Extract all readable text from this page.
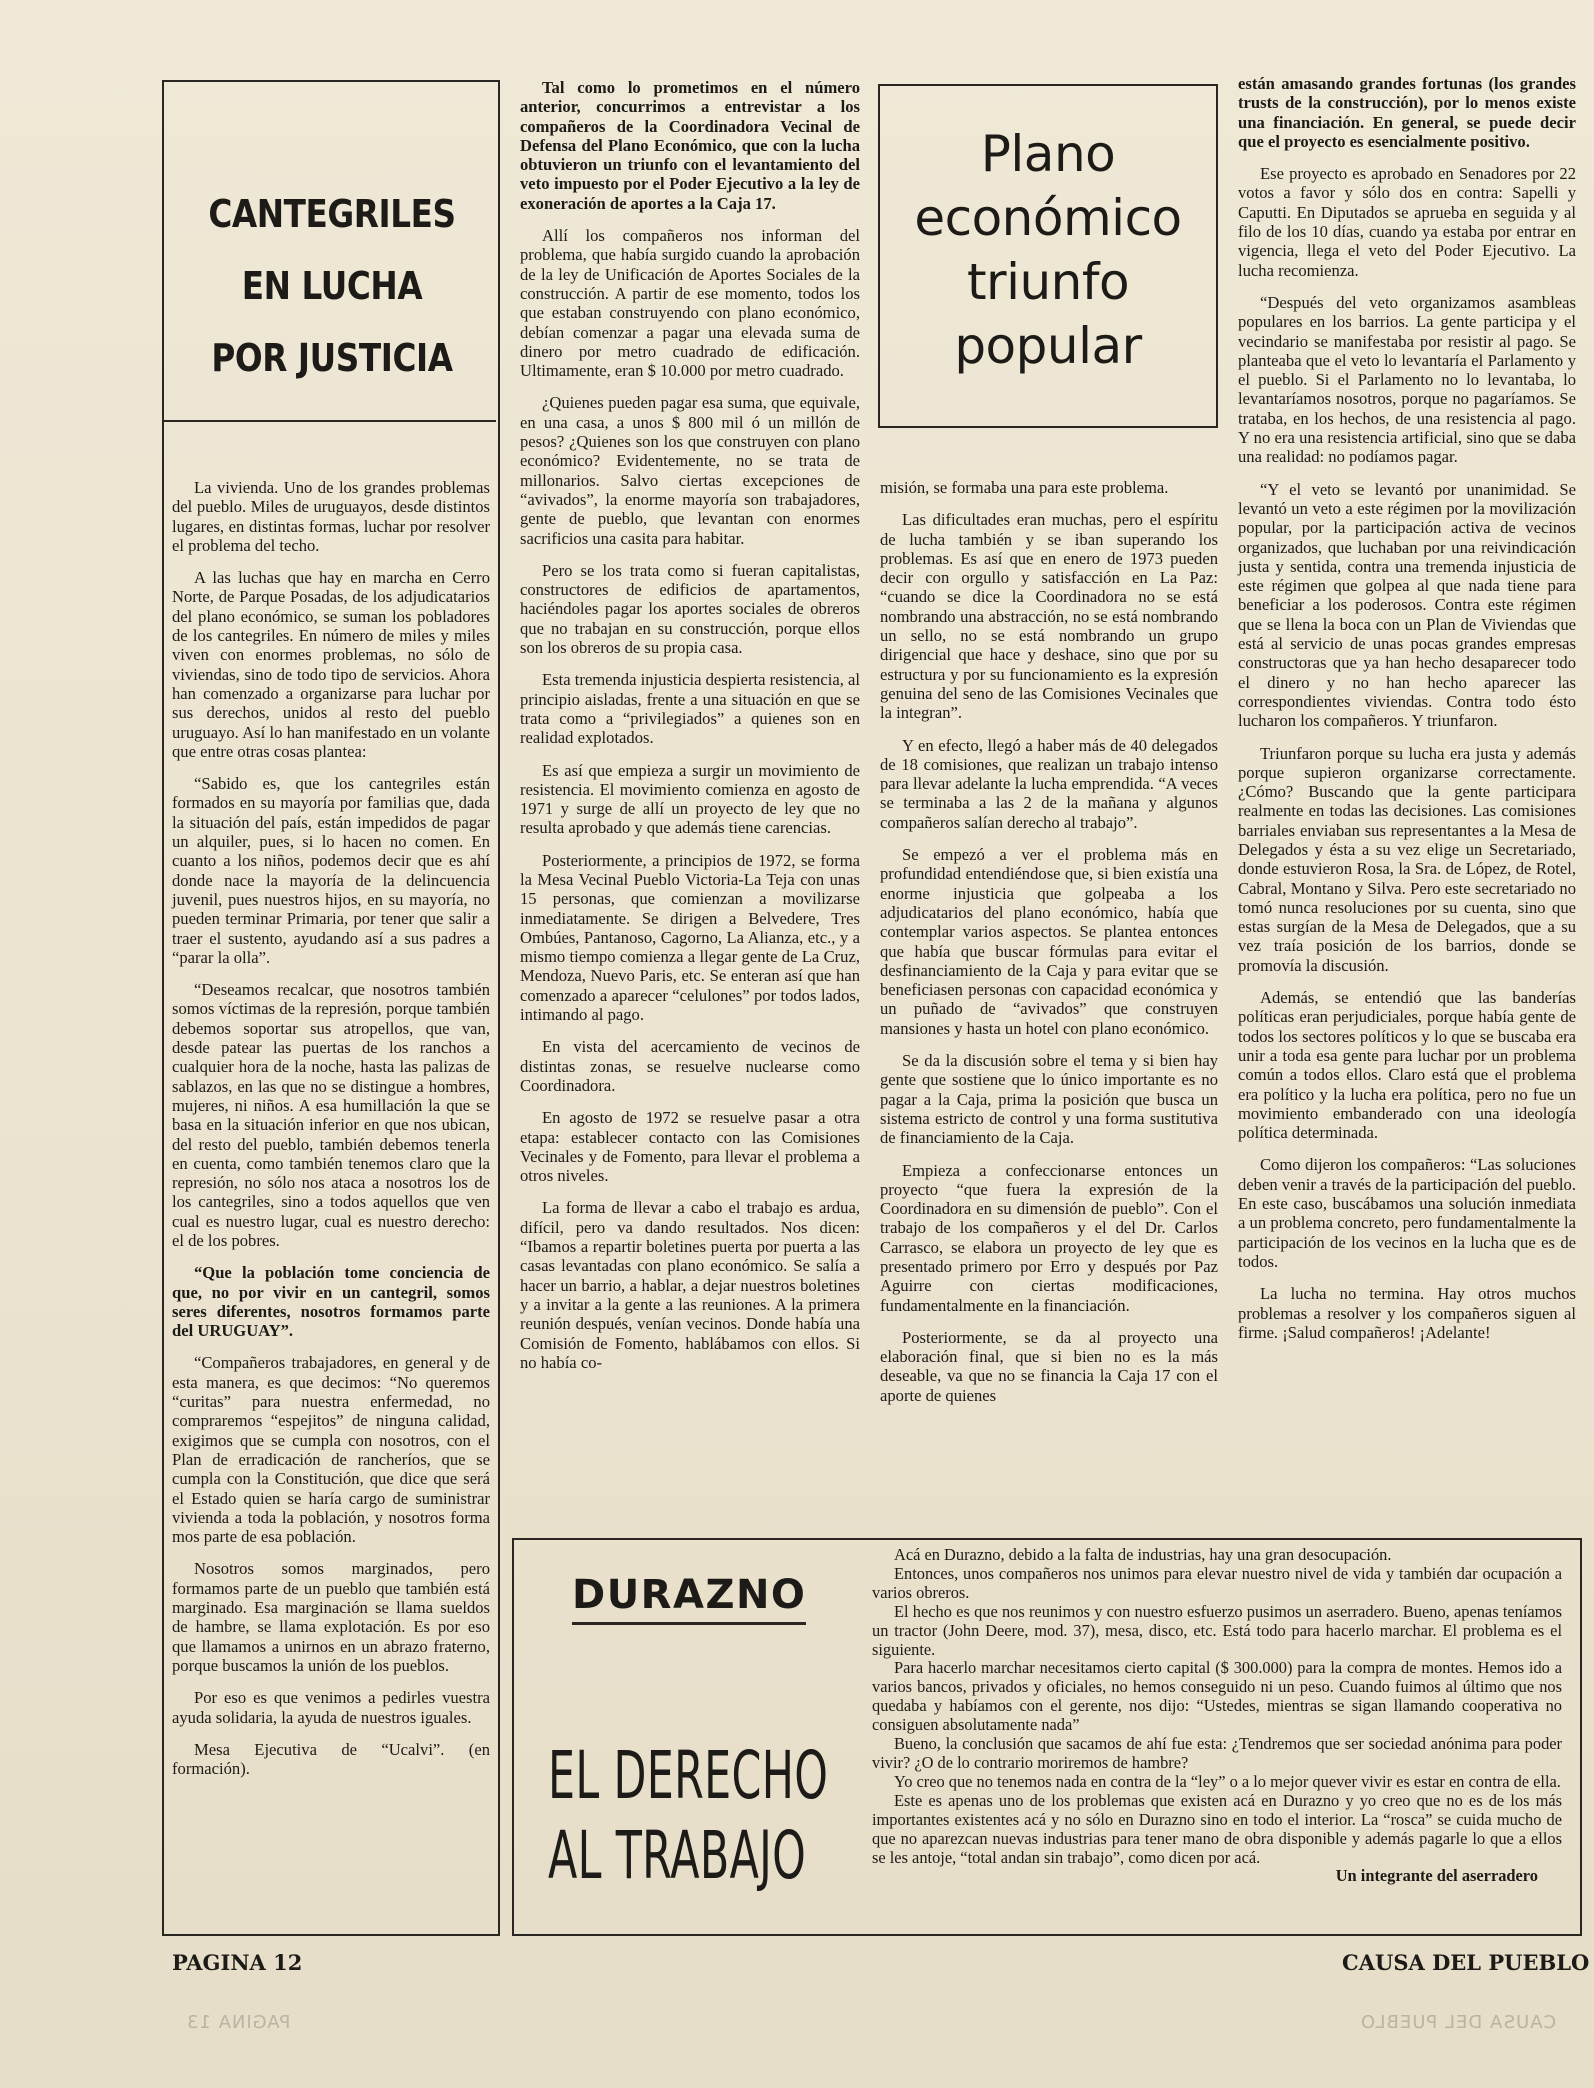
CANTEGRILES
EN LUCHA
POR JUSTICIA

La vivienda. Uno de los grandes problemas del pueblo. Miles de uruguayos, desde distintos lugares, en distintas formas, luchar por resolver el problema del techo.

A las luchas que hay en marcha en Cerro Norte, de Parque Posadas, de los adjudicatarios del plano económico, se suman los pobladores de los cantegriles. En número de miles y miles viven con enormes problemas, no sólo de viviendas, sino de todo tipo de servicios. Ahora han comenzado a organizarse para luchar por sus derechos, unidos al resto del pueblo uruguayo. Así lo han manifestado en un volante que entre otras cosas plantea:

“Sabido es, que los cantegriles están formados en su mayoría por familias que, dada la situación del país, están impedidos de pagar un alquiler, pues, si lo hacen no comen. En cuanto a los niños, podemos decir que es ahí donde nace la mayoría de la delincuencia juvenil, pues nuestros hijos, en su mayoría, no pueden terminar Primaria, por tener que salir a traer el sustento, ayudando así a sus padres a “parar la olla”.

“Deseamos recalcar, que nosotros también somos víctimas de la represión, porque también debemos soportar sus atropellos, que van, desde patear las puertas de los ranchos a cualquier hora de la noche, hasta las palizas de sablazos, en las que no se distingue a hombres, mujeres, ni niños. A esa humillación la que se basa en la situación inferior en que nos ubican, del resto del pueblo, también debemos tenerla en cuenta, como también tenemos claro que la represión, no sólo nos ataca a nosotros los de los cantegriles, sino a todos aquellos que ven cual es nuestro lugar, cual es nuestro derecho: el de los pobres.

“Que la población tome conciencia de que, no por vivir en un cantegril, somos seres diferentes, nosotros formamos parte del URUGUAY”.

“Compañeros trabajadores, en general y de esta manera, es que decimos: “No queremos “curitas” para nuestra enfermedad, no compraremos “espejitos” de ninguna calidad, exigimos que se cumpla con nosotros, con el Plan de erradicación de rancheríos, que se cumpla con la Constitución, que dice que será el Estado quien se haría cargo de suministrar vivienda a toda la población, y nosotros forma mos parte de esa población.

Nosotros somos marginados, pero formamos parte de un pueblo que también está marginado. Esa marginación se llama sueldos de hambre, se llama explotación. Es por eso que llamamos a unirnos en un abrazo fraterno, porque buscamos la unión de los pueblos.

Por eso es que venimos a pedirles vuestra ayuda solidaria, la ayuda de nuestros iguales.

Mesa Ejecutiva de “Ucalvi”. (en formación).

Tal como lo prometimos en el número anterior, concurrimos a entrevistar a los compañeros de la Coordinadora Vecinal de Defensa del Plano Económico, que con la lucha obtuvieron un triunfo con el levantamiento del veto impuesto por el Poder Ejecutivo a la ley de exoneración de aportes a la Caja 17.

Allí los compañeros nos informan del problema, que había surgido cuando la aprobación de la ley de Unificación de Aportes Sociales de la construcción. A partir de ese momento, todos los que estaban construyendo con plano económico, debían comenzar a pagar una elevada suma de dinero por metro cuadrado de edificación. Ultimamente, eran $ 10.000 por metro cuadrado.

¿Quienes pueden pagar esa suma, que equivale, en una casa, a unos $ 800 mil ó un millón de pesos? ¿Quienes son los que construyen con plano económico? Evidentemente, no se trata de millonarios. Salvo ciertas excepciones de “avivados”, la enorme mayoría son trabajadores, gente de pueblo, que levantan con enormes sacrificios una casita para habitar.

Pero se los trata como si fueran capitalistas, constructores de edificios de apartamentos, haciéndoles pagar los aportes sociales de obreros que no trabajan en su construcción, porque ellos son los obreros de su propia casa.

Esta tremenda injusticia despierta resistencia, al principio aisladas, frente a una situación en que se trata como a “privilegiados” a quienes son en realidad explotados.

Es así que empieza a surgir un movimiento de resistencia. El movimiento comienza en agosto de 1971 y surge de allí un proyecto de ley que no resulta aprobado y que además tiene carencias.

Posteriormente, a principios de 1972, se forma la Mesa Vecinal Pueblo Victoria-La Teja con unas 15 personas, que comienzan a movilizarse inmediatamente. Se dirigen a Belvedere, Tres Ombúes, Pantanoso, Cagorno, La Alianza, etc., y a mismo tiempo comienza a llegar gente de La Cruz, Mendoza, Nuevo Paris, etc. Se enteran así que han comenzado a aparecer “celulones” por todos lados, intimando al pago.

En vista del acercamiento de vecinos de distintas zonas, se resuelve nuclearse como Coordinadora.

En agosto de 1972 se resuelve pasar a otra etapa: establecer contacto con las Comisiones Vecinales y de Fomento, para llevar el problema a otros niveles.

La forma de llevar a cabo el trabajo es ardua, difícil, pero va dando resultados. Nos dicen: “Ibamos a repartir boletines puerta por puerta a las casas levantadas con plano económico. Se salía a hacer un barrio, a hablar, a dejar nuestros boletines y a invitar a la gente a las reuniones. A la primera reunión después, venían vecinos. Donde había una Comisión de Fomento, hablábamos con ellos. Si no había co-

Plano
económico
triunfo
popular

misión, se formaba una para este problema.

Las dificultades eran muchas, pero el espíritu de lucha también y se iban superando los problemas. Es así que en enero de 1973 pueden decir con orgullo y satisfacción en La Paz: “cuando se dice la Coordinadora no se está nombrando una abstracción, no se está nombrando un sello, no se está nombrando un grupo dirigencial que hace y deshace, sino que por su estructura y por su funcionamiento es la expresión genuina del seno de las Comisiones Vecinales que la integran”.

Y en efecto, llegó a haber más de 40 delegados de 18 comisiones, que realizan un trabajo intenso para llevar adelante la lucha emprendida. “A veces se terminaba a las 2 de la mañana y algunos compañeros salían derecho al trabajo”.

Se empezó a ver el problema más en profundidad entendiéndose que, si bien existía una enorme injusticia que golpeaba a los adjudicatarios del plano económico, había que contemplar varios aspectos. Se plantea entonces que había que buscar fórmulas para evitar el desfinanciamiento de la Caja y para evitar que se beneficiasen personas con capacidad económica y un puñado de “avivados” que construyen mansiones y hasta un hotel con plano económico.

Se da la discusión sobre el tema y si bien hay gente que sostiene que lo único importante es no pagar a la Caja, prima la posición que busca un sistema estricto de control y una forma sustitutiva de financiamiento de la Caja.

Empieza a confeccionarse entonces un proyecto “que fuera la expresión de la Coordinadora en su dimensión de pueblo”. Con el trabajo de los compañeros y el del Dr. Carlos Carrasco, se elabora un proyecto de ley que es presentado primero por Erro y después por Paz Aguirre con ciertas modificaciones, fundamentalmente en la financiación.

Posteriormente, se da al proyecto una elaboración final, que si bien no es la más deseable, va que no se financia la Caja 17 con el aporte de quienes

están amasando grandes fortunas (los grandes trusts de la construcción), por lo menos existe una financiación. En general, se puede decir que el proyecto es esencialmente positivo.

Ese proyecto es aprobado en Senadores por 22 votos a favor y sólo dos en contra: Sapelli y Caputti. En Diputados se aprueba en seguida y al filo de los 10 días, cuando ya estaba por entrar en vigencia, llega el veto del Poder Ejecutivo. La lucha recomienza.

“Después del veto organizamos asambleas populares en los barrios. La gente participa y el vecindario se manifestaba por resistir al pago. Se planteaba que el veto lo levantaría el Parlamento y el pueblo. Si el Parlamento no lo levantaba, lo levantaríamos nosotros, porque no pagaríamos. Se trataba, en los hechos, de una resistencia al pago. Y no era una resistencia artificial, sino que se daba una realidad: no podíamos pagar.

“Y el veto se levantó por unanimidad. Se levantó un veto a este régimen por la movilización popular, por la participación activa de vecinos organizados, que luchaban por una reivindicación justa y sentida, contra una tremenda injusticia de este régimen que golpea al que nada tiene para beneficiar a los poderosos. Contra este régimen que se llena la boca con un Plan de Viviendas que está al servicio de unas pocas grandes empresas constructoras que ya han hecho desaparecer todo el dinero y no han hecho aparecer las correspondientes viviendas. Contra todo ésto lucharon los compañeros. Y triunfaron.

Triunfaron porque su lucha era justa y además porque supieron organizarse correctamente. ¿Cómo? Buscando que la gente participara realmente en todas las decisiones. Las comisiones barriales enviaban sus representantes a la Mesa de Delegados y ésta a su vez elige un Secretariado, donde estuvieron Rosa, la Sra. de López, de Rotel, Cabral, Montano y Silva. Pero este secretariado no tomó nunca resoluciones por su cuenta, sino que estas surgían de la Mesa de Delegados, que a su vez traía posición de los barrios, donde se promovía la discusión.

Además, se entendió que las banderías políticas eran perjudiciales, porque había gente de todos los sectores políticos y lo que se buscaba era unir a toda esa gente para luchar por un problema común a todos ellos. Claro está que el problema era político y la lucha era política, pero no fue un movimiento embanderado con una ideología política determinada.

Como dijeron los compañeros: “Las soluciones deben venir a través de la participación del pueblo. En este caso, buscábamos una solución inmediata a un problema concreto, pero fundamentalmente la participación de los vecinos en la lucha que es de todos.

La lucha no termina. Hay otros muchos problemas a resolver y los compañeros siguen al firme. ¡Salud compañeros! ¡Adelante!

DURAZNO
EL DERECHO
AL TRABAJO

Acá en Durazno, debido a la falta de industrias, hay una gran desocupación.

Entonces, unos compañeros nos unimos para elevar nuestro nivel de vida y también dar ocupación a varios obreros.

El hecho es que nos reunimos y con nuestro esfuerzo pusimos un aserradero. Bueno, apenas teníamos un tractor (John Deere, mod. 37), mesa, disco, etc. Está todo para hacerlo marchar. El problema es el siguiente.

Para hacerlo marchar necesitamos cierto capital ($ 300.000) para la compra de montes. Hemos ido a varios bancos, privados y oficiales, no hemos conseguido ni un peso. Cuando fuimos al último que nos quedaba y habíamos con el gerente, nos dijo: “Ustedes, mientras se sigan llamando cooperativa no consiguen absolutamente nada”

Bueno, la conclusión que sacamos de ahí fue esta: ¿Tendremos que ser sociedad anónima para poder vivir? ¿O de lo contrario moriremos de hambre?

Yo creo que no tenemos nada en contra de la “ley” o a lo mejor quever vivir es estar en contra de ella.

Este es apenas uno de los problemas que existen acá en Durazno y yo creo que no es de los más importantes existentes acá y no sólo en Durazno sino en todo el interior. La “rosca” se cuida mucho de que no aparezcan nuevas industrias para tener mano de obra disponible y además pagarle lo que a ellos se les antoje, “total andan sin trabajo”, como dicen por acá.

Un integrante del aserradero
PAGINA 12	CAUSA DEL PUEBLO
PAGINA 13	CAUSA DEL PUEBLO
